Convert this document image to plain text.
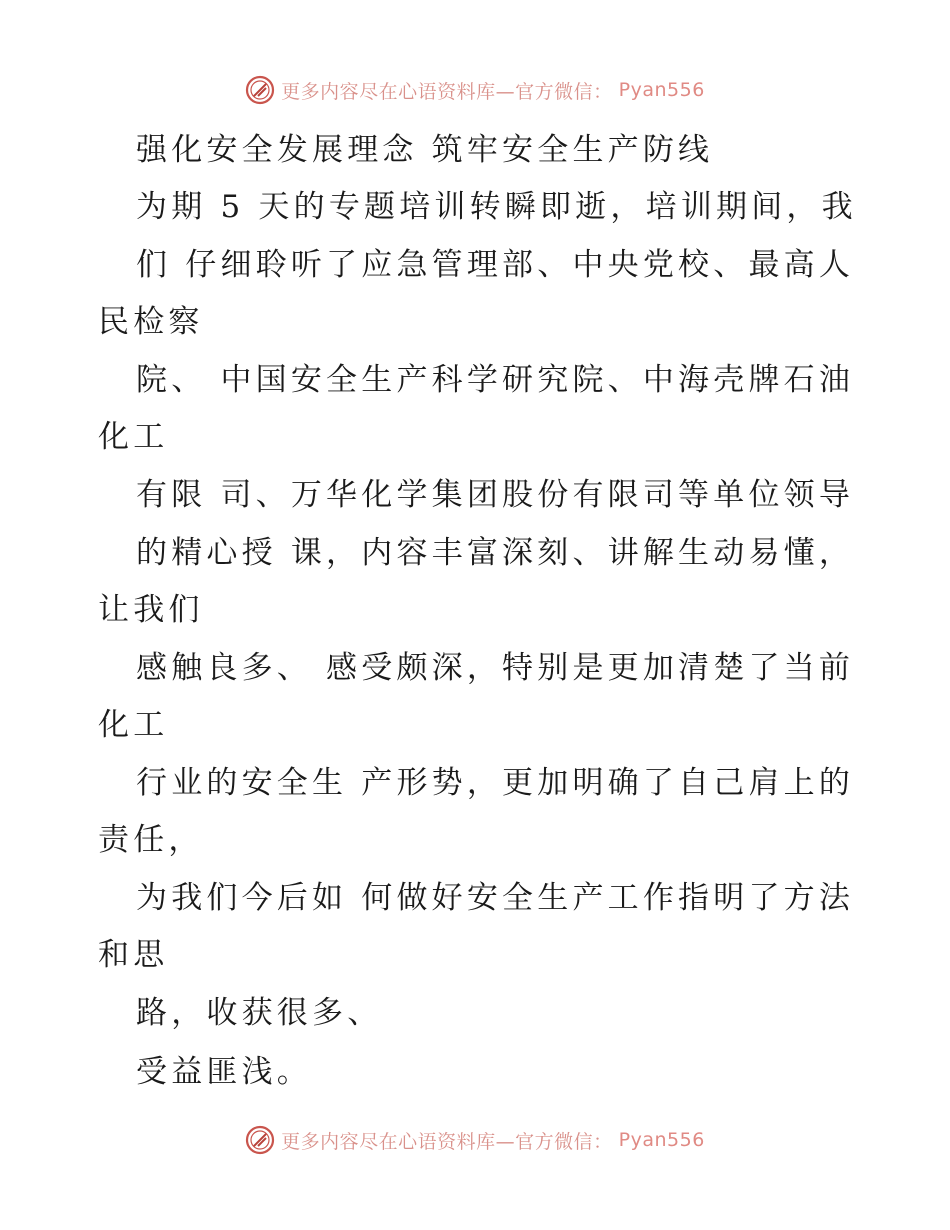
更多内容尽在心语资料库—官方微信： Pyan556
强化安全发展理念 筑牢安全生产防线
为期 5 天的专题培训转瞬即逝，培训期间，我
们 仔细聆听了应急管理部、中央党校、最高人
民检察
院、 中国安全生产科学研究院、中海壳牌石油
化工
有限 司、万华化学集团股份有限司等单位领导
的精心授 课，内容丰富深刻、讲解生动易懂，
让我们
感触良多、 感受颇深，特别是更加清楚了当前
化工
行业的安全生 产形势，更加明确了自己肩上的
责任，
为我们今后如 何做好安全生产工作指明了方法
和思
路，收获很多、
受益匪浅。
更多内容尽在心语资料库—官方微信： Pyan556
